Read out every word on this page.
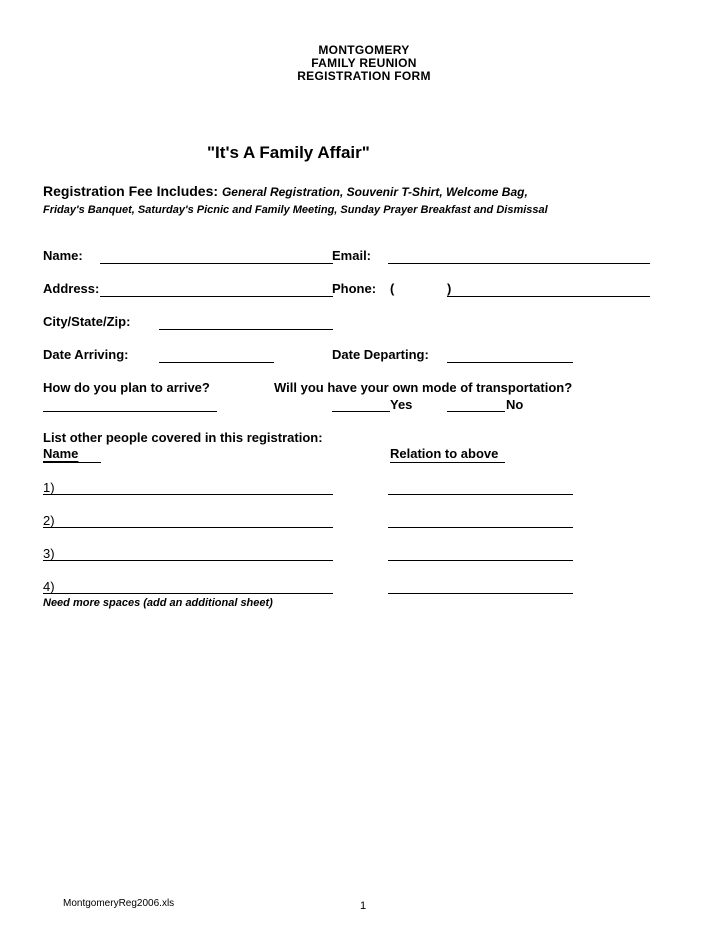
MONTGOMERY
FAMILY REUNION
REGISTRATION FORM
"It's A Family Affair"
Registration Fee Includes: General Registration, Souvenir T-Shirt, Welcome Bag,
Friday's Banquet, Saturday's Picnic and Family Meeting, Sunday Prayer Breakfast and Dismissal
Name:	Email:
Address:	Phone: (	)
City/State/Zip:
Date Arriving:	Date Departing:
How do you plan to arrive?	Will you have your own mode of transportation?
Yes	No
List other people covered in this registration:
Name	Relation to above
1)
2)
3)
4)
Need more spaces (add an additional sheet)
MontgomeryReg2006.xls	1
